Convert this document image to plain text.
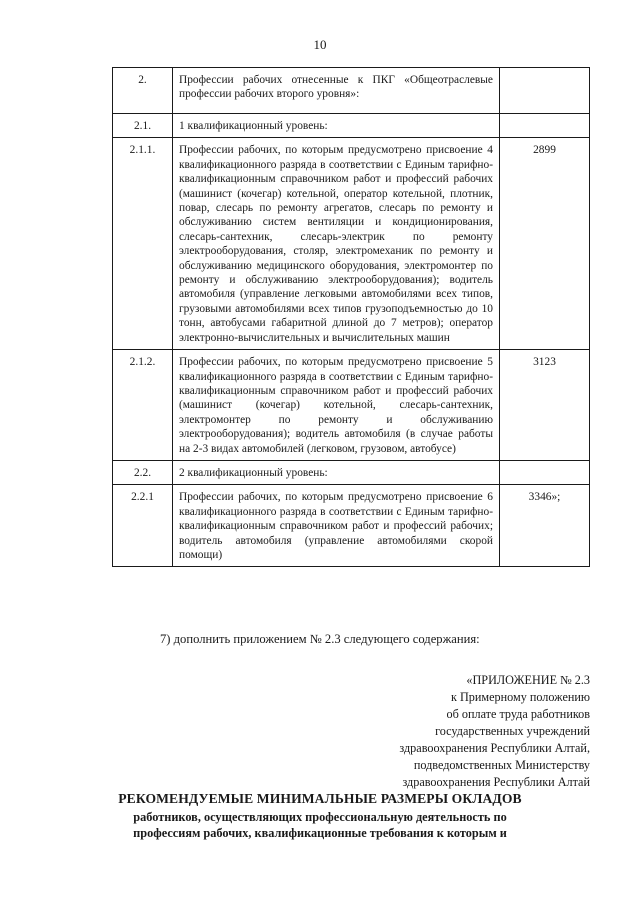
10
2.	Профессии рабочих отнесенные к ПКГ «Общеотраслевые профессии рабочих второго уровня»:	
2.1.	1 квалификационный уровень:	
2.1.1.	Профессии рабочих, по которым предусмотрено присвоение 4 квалификационного разряда в соответствии с Единым тарифно-квалификационным справочником работ и профессий рабочих (машинист (кочегар) котельной, оператор котельной, плотник, повар, слесарь по ремонту агрегатов, слесарь по ремонту и обслуживанию систем вентиляции и кондиционирования, слесарь-сантехник, слесарь-электрик по ремонту электрооборудования, столяр, электромеханик по ремонту и обслуживанию медицинского оборудования, электромонтер по ремонту и обслуживанию электрооборудования); водитель автомобиля (управление легковыми автомобилями всех типов, грузовыми автомобилями всех типов грузоподъемностью до 10 тонн, автобусами габаритной длиной до 7 метров); оператор электронно-вычислительных и вычислительных машин	2899
2.1.2.	Профессии рабочих, по которым предусмотрено присвоение 5 квалификационного разряда в соответствии с Единым тарифно-квалификационным справочником работ и профессий рабочих (машинист (кочегар) котельной, слесарь-сантехник, электромонтер по ремонту и обслуживанию электрооборудования); водитель автомобиля (в случае работы на 2-3 видах автомобилей (легковом, грузовом, автобусе)	3123
2.2.	2 квалификационный уровень:	
2.2.1	Профессии рабочих, по которым предусмотрено присвоение 6 квалификационного разряда в соответствии с Единым тарифно-квалификационным справочником работ и профессий рабочих; водитель автомобиля (управление автомобилями скорой помощи)	3346»;
7) дополнить приложением № 2.3 следующего содержания:
«ПРИЛОЖЕНИЕ № 2.3
к Примерному положению
об оплате труда работников
государственных учреждений
здравоохранения Республики Алтай,
подведомственных Министерству
здравоохранения Республики Алтай
РЕКОМЕНДУЕМЫЕ МИНИМАЛЬНЫЕ РАЗМЕРЫ ОКЛАДОВ
работников, осуществляющих профессиональную деятельность по
профессиям рабочих, квалификационные требования к которым и
